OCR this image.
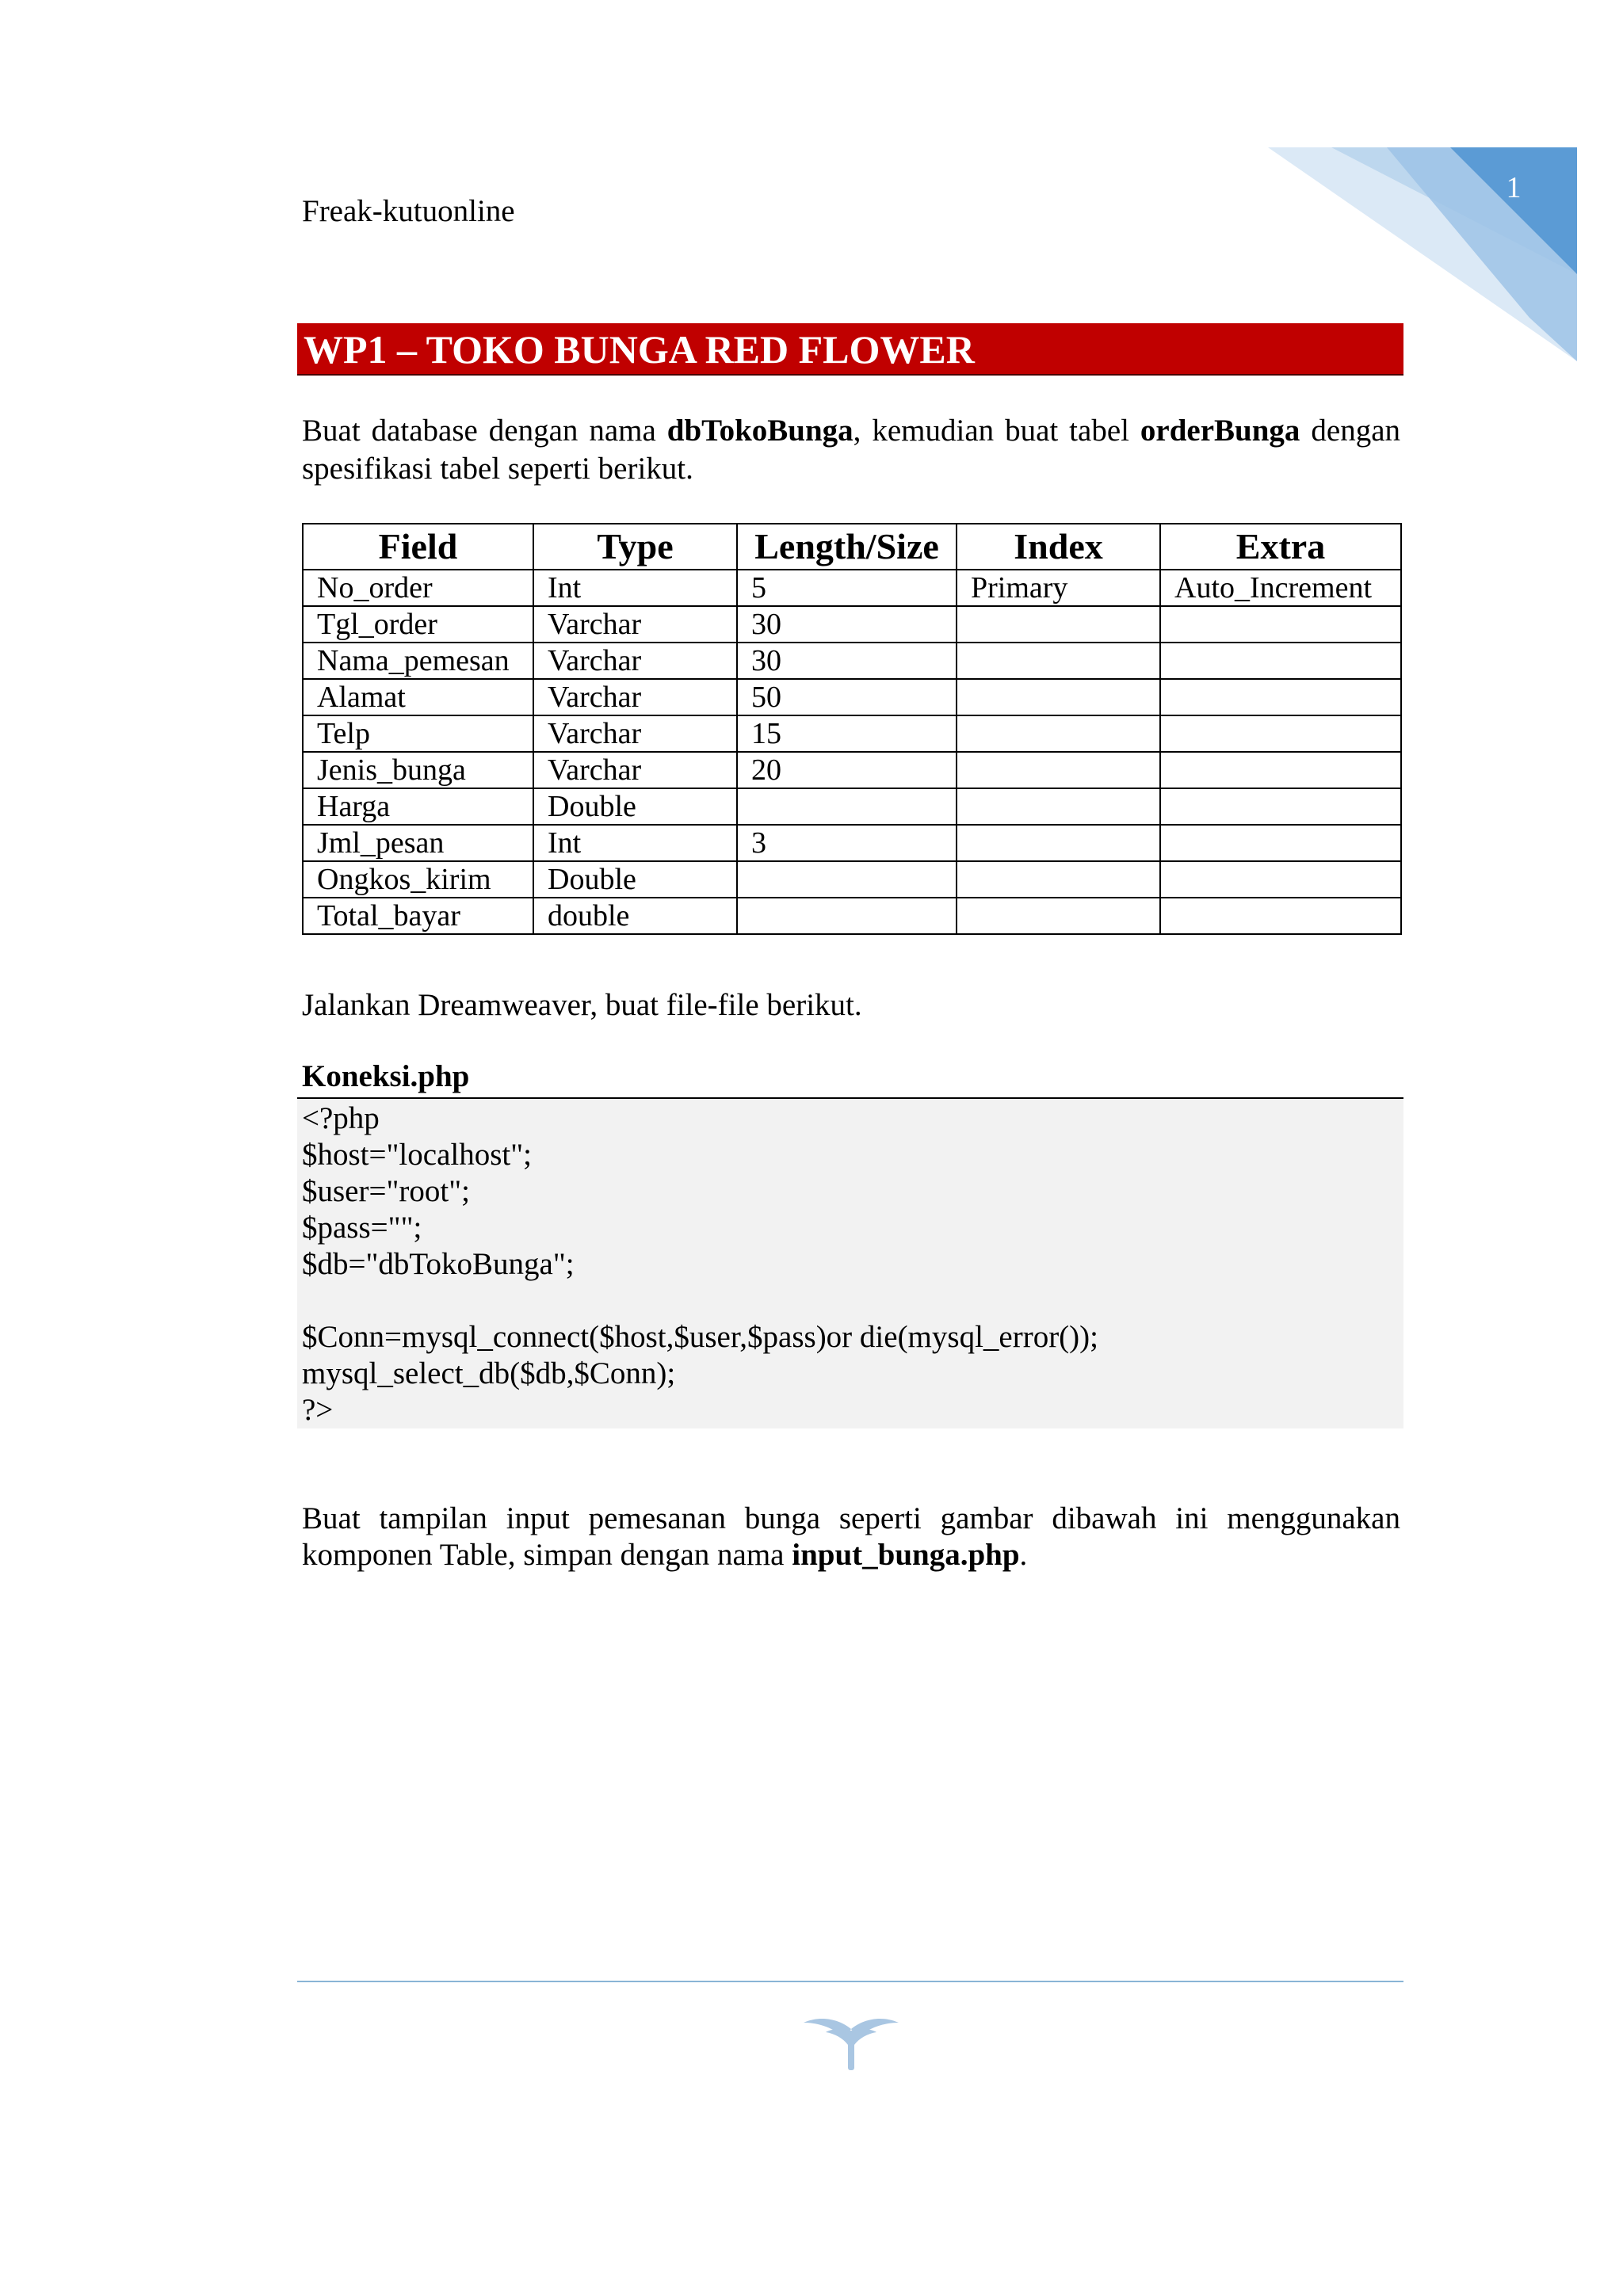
1
Freak-kutuonline
WP1 – TOKO BUNGA RED FLOWER

Buat database dengan nama dbTokoBunga, kemudian buat tabel orderBunga dengan spesifikasi tabel seperti berikut.

Field	Type	Length/Size	Index	Extra
No_order	Int	5	Primary	Auto_Increment
Tgl_order	Varchar	30		
Nama_pemesan	Varchar	30		
Alamat	Varchar	50		
Telp	Varchar	15		
Jenis_bunga	Varchar	20		
Harga	Double			
Jml_pesan	Int	3		
Ongkos_kirim	Double			
Total_bayar	double			
Jalankan Dreamweaver, buat file-file berikut.
Koneksi.php
<?php
$host="localhost";
$user="root";
$pass="";
$db="dbTokoBunga";
$Conn=mysql_connect($host,$user,$pass)or die(mysql_error());
mysql_select_db($db,$Conn);
?>

Buat tampilan input pemesanan bunga seperti gambar dibawah ini menggunakan komponen Table, simpan dengan nama input_bunga.php.
